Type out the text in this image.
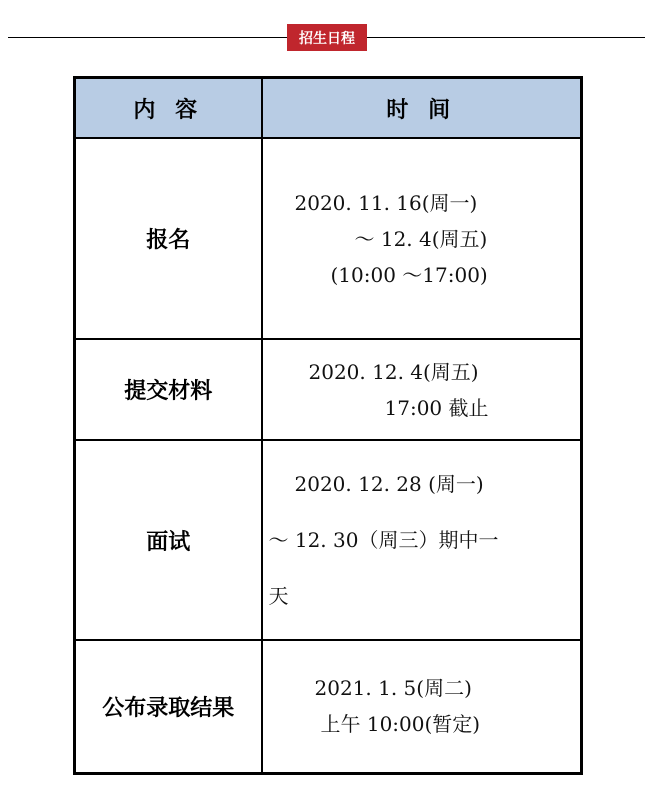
招生日程
内 容	时 间
报名	2020. 11. 16(周一)
～ 12. 4(周五)
(10:00 ～17:00)

提交材料	2020. 12. 4(周五)
17:00 截止

面试	2020. 12. 28 (周一)
～ 12. 30（周三）期中一
天

公布录取结果	2021. 1. 5(周二)
上午 10:00(暂定)
